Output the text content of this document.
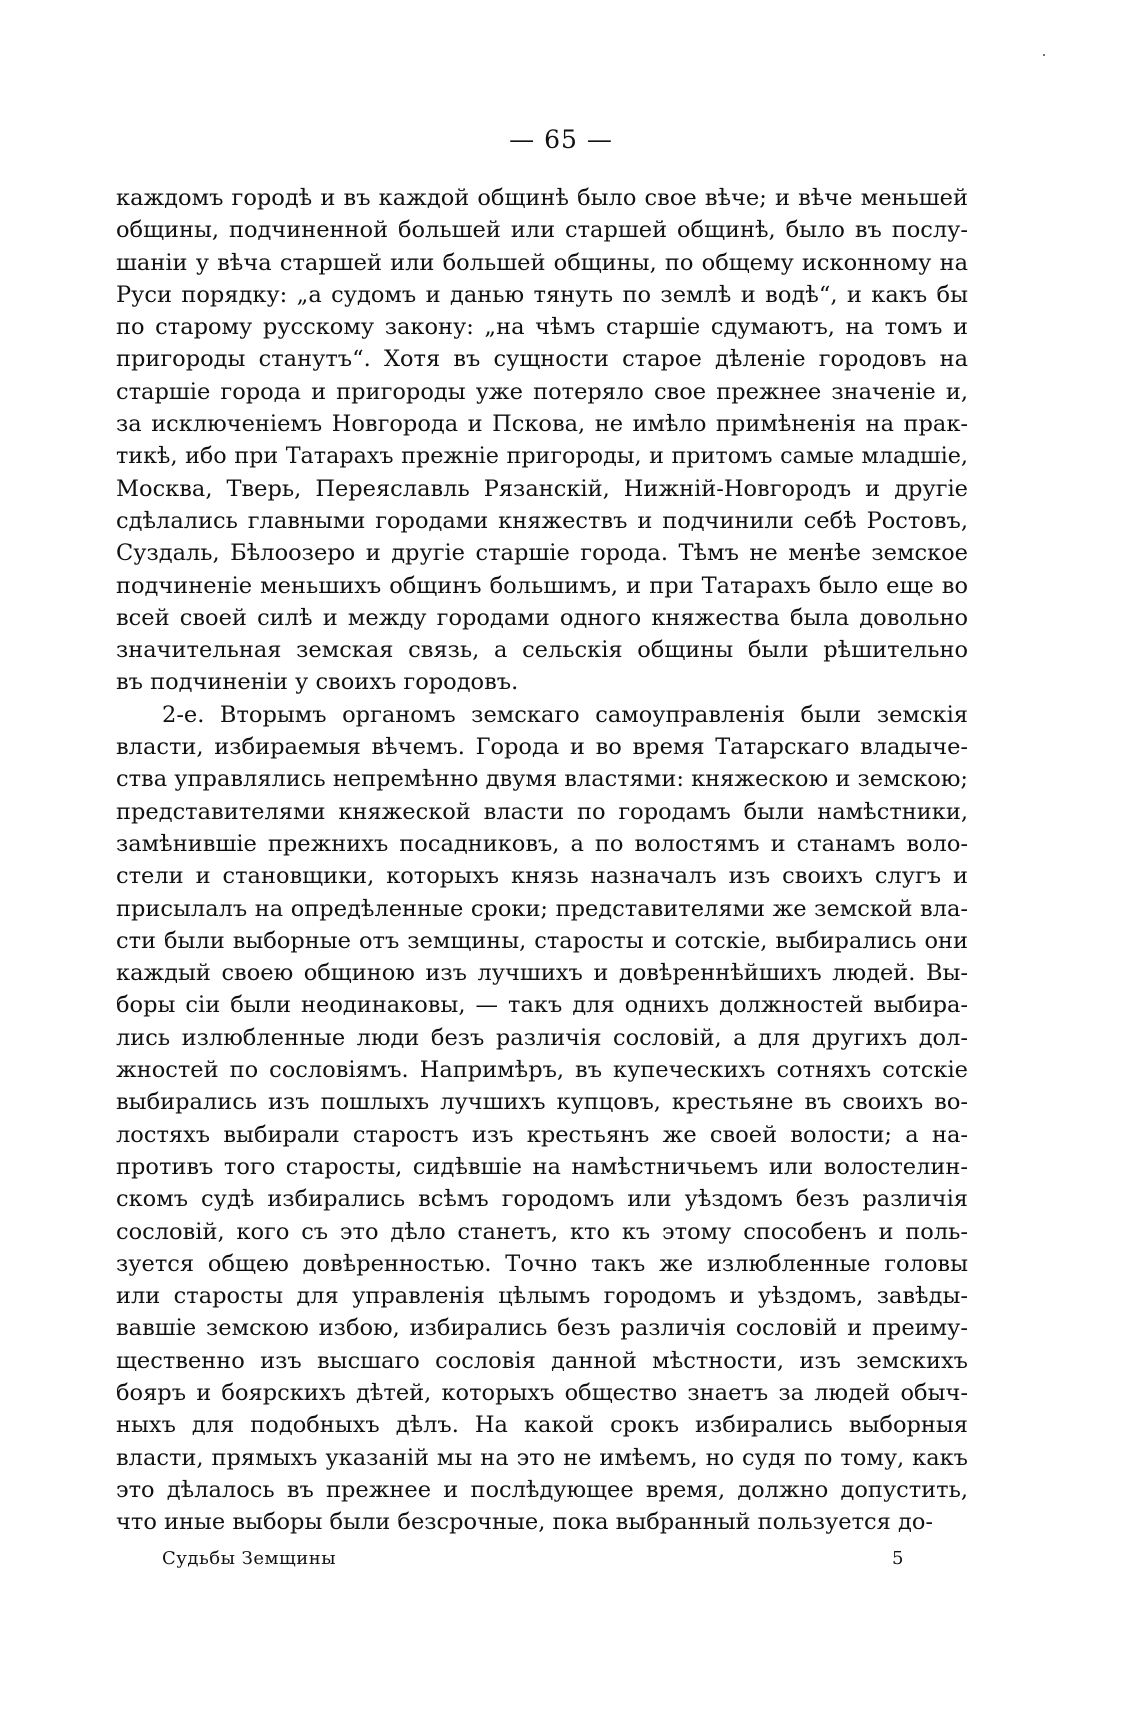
— 65 —
каждомъ городѣ и въ каждой общинѣ было свое вѣче; и вѣче меньшей
общины, подчиненной большей или старшей общинѣ, было въ послу-
шаніи у вѣча старшей или большей общины, по общему исконному на
Руси порядку: „а судомъ и данью тянуть по землѣ и водѣ“, и какъ бы
по старому русскому закону: „на чѣмъ старшіе сдумаютъ, на томъ и
пригороды станутъ“. Хотя въ сущности старое дѣленіе городовъ на
старшіе города и пригороды уже потеряло свое прежнее значеніе и,
за исключеніемъ Новгорода и Пскова, не имѣло примѣненія на прак-
тикѣ, ибо при Татарахъ прежніе пригороды, и притомъ самые младшіе,
Москва, Тверь, Переяславль Рязанскій, Нижній-Новгородъ и другіе
сдѣлались главными городами княжествъ и подчинили себѣ Ростовъ,
Суздаль, Бѣлоозеро и другіе старшіе города. Тѣмъ не менѣе земское
подчиненіе меньшихъ общинъ большимъ, и при Татарахъ было еще во
всей своей силѣ и между городами одного княжества была довольно
значительная земская связь, а сельскія общины были рѣшительно
въ подчиненіи у своихъ городовъ.
2-е. Вторымъ органомъ земскаго самоуправленія были земскія
власти, избираемыя вѣчемъ. Города и во время Татарскаго владыче-
ства управлялись непремѣнно двумя властями: княжескою и земскою;
представителями княжеской власти по городамъ были намѣстники,
замѣнившіе прежнихъ посадниковъ, а по волостямъ и станамъ воло-
стели и становщики, которыхъ князь назначалъ изъ своихъ слугъ и
присылалъ на опредѣленные сроки; представителями же земской вла-
сти были выборные отъ земщины, старосты и сотскіе, выбирались они
каждый своею общиною изъ лучшихъ и довѣреннѣйшихъ людей. Вы-
боры сіи были неодинаковы, — такъ для однихъ должностей выбира-
лись излюбленные люди безъ различія сословій, а для другихъ дол-
жностей по сословіямъ. Напримѣръ, въ купеческихъ сотняхъ сотскіе
выбирались изъ пошлыхъ лучшихъ купцовъ, крестьяне въ своихъ во-
лостяхъ выбирали старостъ изъ крестьянъ же своей волости; а на-
противъ того старосты, сидѣвшіе на намѣстничьемъ или волостелин-
скомъ судѣ избирались всѣмъ городомъ или уѣздомъ безъ различія
сословій, кого съ это дѣло станетъ, кто къ этому способенъ и поль-
зуется общею довѣренностью. Точно такъ же излюбленные головы
или старосты для управленія цѣлымъ городомъ и уѣздомъ, завѣды-
вавшіе земскою избою, избирались безъ различія сословій и преиму-
щественно изъ высшаго сословія данной мѣстности, изъ земскихъ
бояръ и боярскихъ дѣтей, которыхъ общество знаетъ за людей обыч-
ныхъ для подобныхъ дѣлъ. На какой срокъ избирались выборныя
власти, прямыхъ указаній мы на это не имѣемъ, но судя по тому, какъ
это дѣлалось въ прежнее и послѣдующее время, должно допустить,
что иные выборы были безсрочные, пока выбранный пользуется до-
Судьбы Земщины	5
